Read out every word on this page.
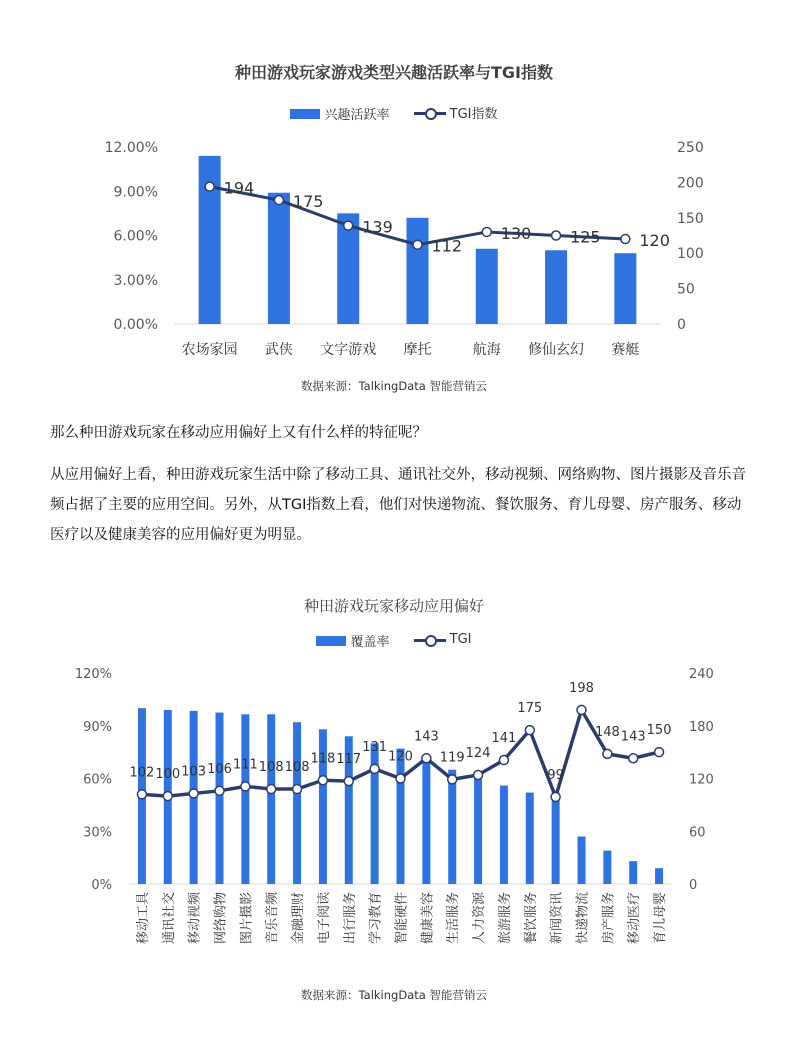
种田游戏玩家游戏类型兴趣活跃率与TGI指数
兴趣活跃率
	TGI指数
0.00%
3.00%
6.00%
9.00%
12.00%
0
50
100
150
200
250
农场家园 武侠 文字游戏 摩托	航海 修仙玄幻 赛艇
194
175
139
112
130 125 120
数据来源：TalkingData 智能营销云
那么种田游戏玩家在移动应用偏好上又有什么样的特征呢？
从应用偏好上看，种田游戏玩家生活中除了移动工具、通讯社交外，移动视频、网络购物、图片摄影及音乐音频占据了主要的应用空间。另外，从TGI指数上看，他们对快递物流、餐饮服务、育儿母婴、房产服务、移动医疗以及健康美容的应用偏好更为明显。
种田游戏玩家移动应用偏好
覆盖率
	TGI
0%
30%
60%
90%
120%
0
60
120
180
240
移动工具 通讯社交 移动视频 网络购物 图片摄影 音乐音频 金融理财 电子阅读 出行服务 学习教育 智能硬件 健康美容 生活服务 人力资源 旅游服务 餐饮服务 新闻资讯 快递物流 房产服务 移动医疗 育儿母婴
102 100 103 106 111 108 108
118 117
131
120
143
119 124
141
175
99
198
148 143 150
数据来源：TalkingData 智能营销云
